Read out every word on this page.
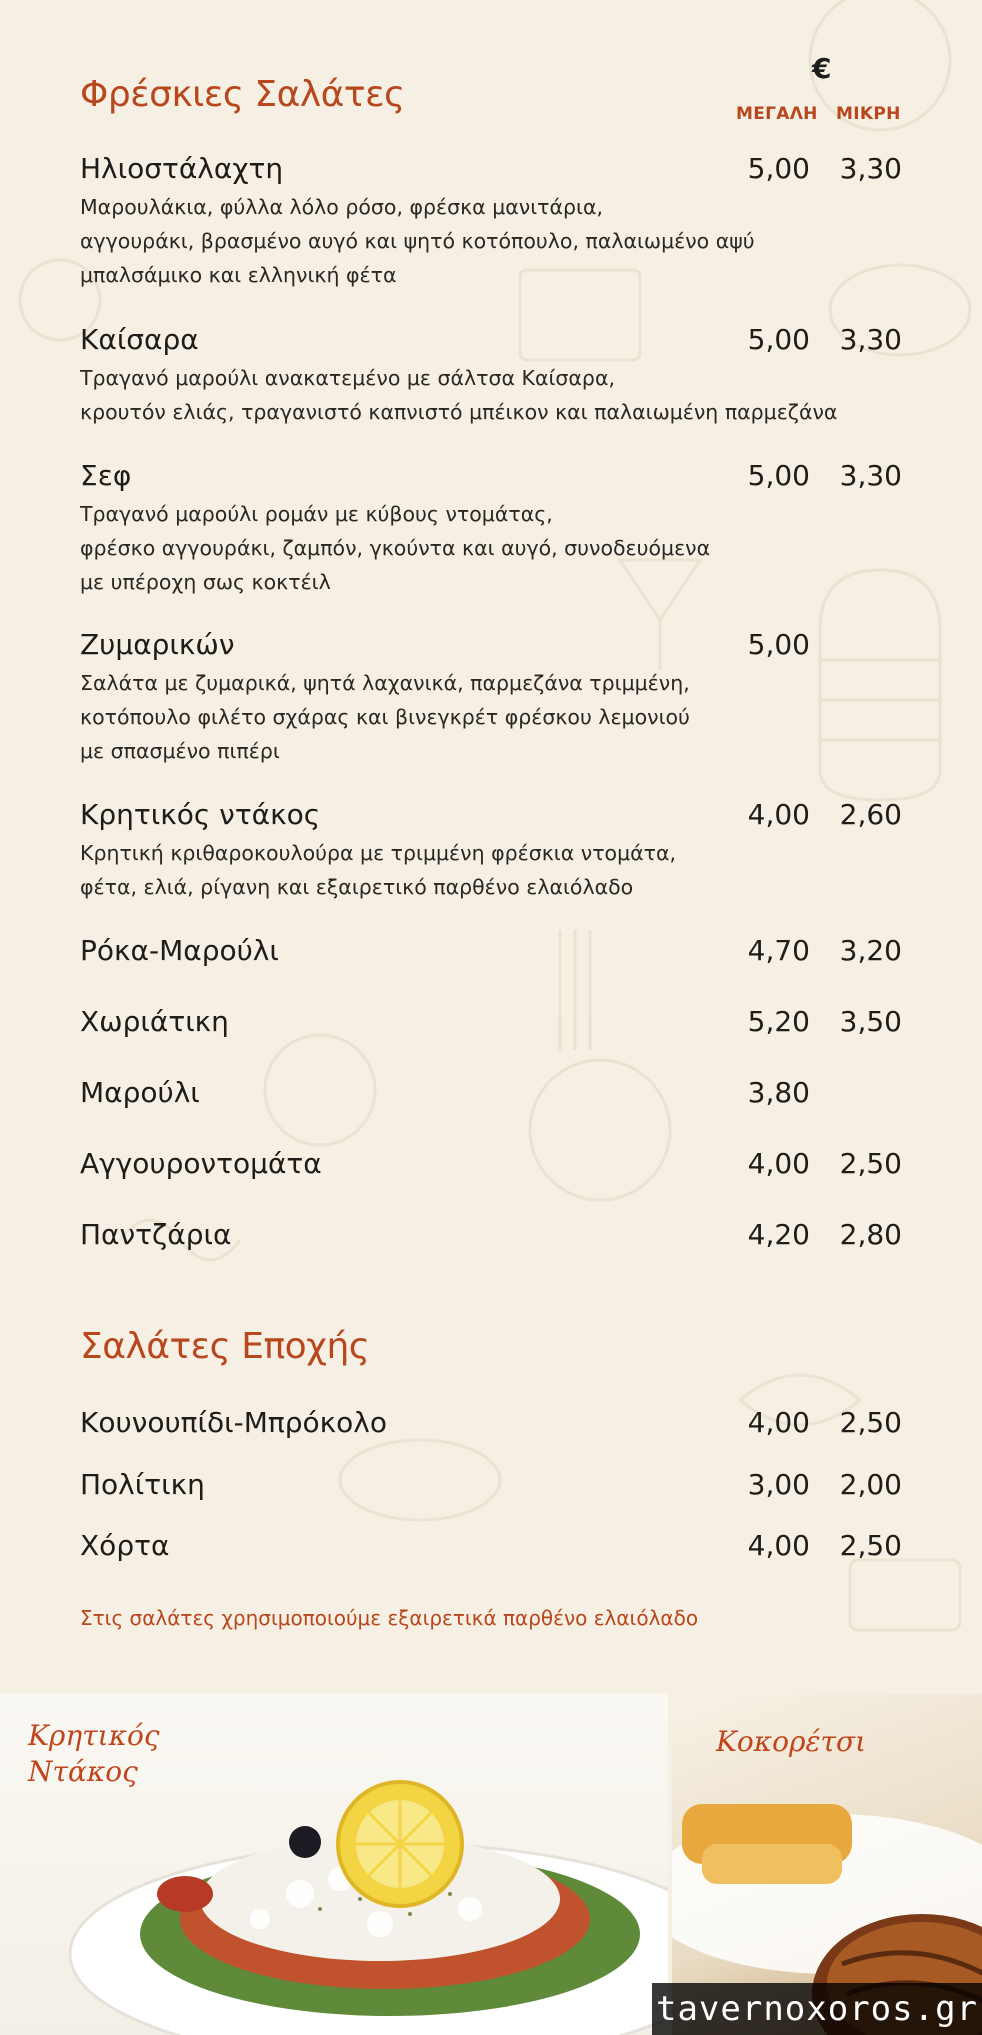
€
ΜΕΓΑΛΗ ΜΙΚΡΗ
Φρέσκιες Σαλάτες
Ηλιοστάλαχτη	5,00	3,30
Μαρουλάκια, φύλλα λόλο ρόσο, φρέσκα μανιτάρια,
αγγουράκι, βρασμένο αυγό και ψητό κοτόπουλο, παλαιωμένο αψύ
μπαλσάμικο και ελληνική φέτα
Καίσαρα	5,00	3,30
Τραγανό μαρούλι ανακατεμένο με σάλτσα Καίσαρα,
κρουτόν ελιάς, τραγανιστό καπνιστό μπέικον και παλαιωμένη παρμεζάνα
Σεφ	5,00	3,30
Τραγανό μαρούλι ρομάν με κύβους ντομάτας,
φρέσκο αγγουράκι, ζαμπόν, γκούντα και αυγό, συνοδευόμενα
με υπέροχη σως κοκτέιλ
Ζυμαρικών	5,00
Σαλάτα με ζυμαρικά, ψητά λαχανικά, παρμεζάνα τριμμένη,
κοτόπουλο φιλέτο σχάρας και βινεγκρέτ φρέσκου λεμονιού
με σπασμένο πιπέρι
Κρητικός ντάκος	4,00	2,60
Κρητική κριθαροκουλούρα με τριμμένη φρέσκια ντομάτα,
φέτα, ελιά, ρίγανη και εξαιρετικό παρθένο ελαιόλαδο
Ρόκα-Μαρούλι	4,70	3,20
Χωριάτικη	5,20	3,50
Μαρούλι	3,80
Αγγουροντομάτα	4,00	2,50
Παντζάρια	4,20	2,80
Σαλάτες Εποχής
Κουνουπίδι-Μπρόκολο	4,00	2,50
Πολίτικη	3,00	2,00
Χόρτα	4,00	2,50
Στις σαλάτες χρησιμοποιούμε εξαιρετικά παρθένο ελαιόλαδο
Κρητικός
Ντάκος
Κοκορέτσι
tavernoxoros.gr
